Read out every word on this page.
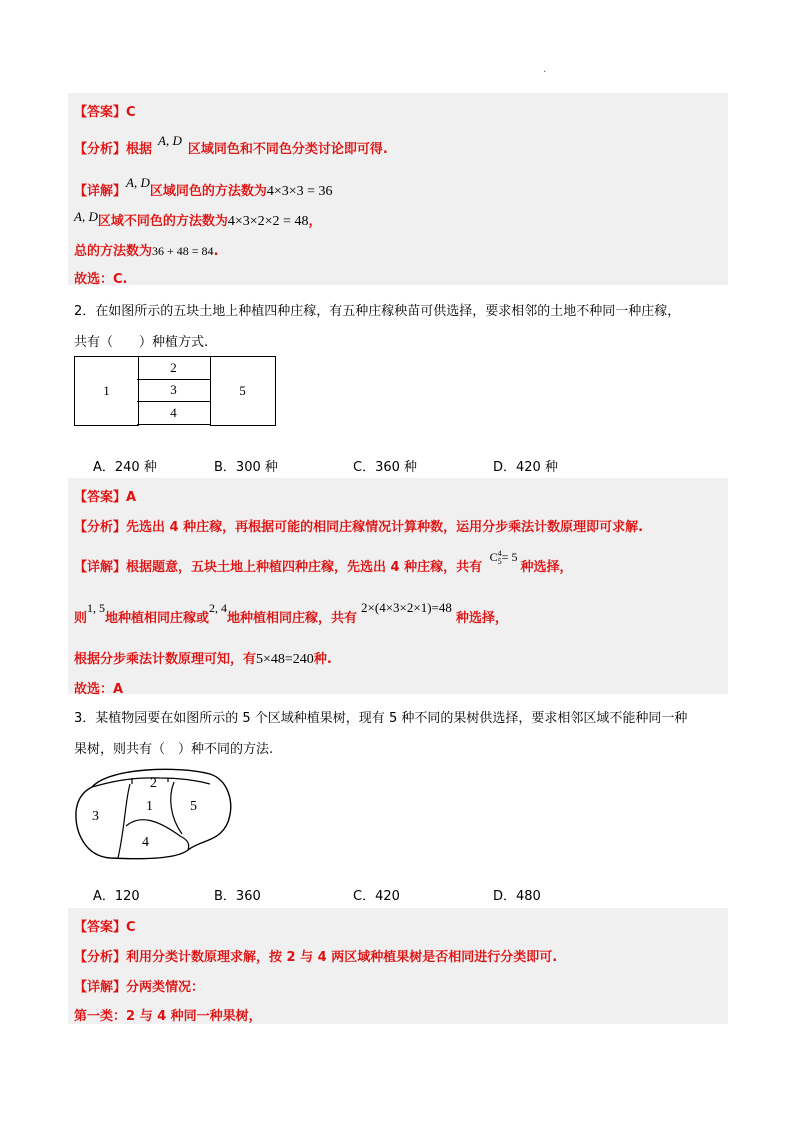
.
【答案】C
【分析】根据A, D区域同色和不同色分类讨论即可得.
【详解】A, D区域同色的方法数为4×3×3 = 36
A, D区域不同色的方法数为4×3×2×2 = 48，
总的方法数为36 + 48 = 84.
故选：C.
2．在如图所示的五块土地上种植四种庄稼，有五种庄稼秧苗可供选择，要求相邻的土地不种同一种庄稼，
共有（　　）种植方式.
1
2
3
4
5
A．240 种	B．300 种	C．360 种	D．420 种
【答案】A
【分析】先选出 4 种庄稼，再根据可能的相同庄稼情况计算种数，运用分步乘法计数原理即可求解.
【详解】根据题意，五块土地上种植四种庄稼，先选出 4 种庄稼，共有 C 4
5 = 5种选择，
则1, 5地种植相同庄稼或2, 4地种植相同庄稼，共有2×(4×3×2×1)=48种选择，
根据分步乘法计数原理可知，有5×48=240种.
故选：A
3．某植物园要在如图所示的 5 个区域种植果树，现有 5 种不同的果树供选择，要求相邻区域不能种同一种
果树，则共有（　）种不同的方法.
2
1	5
3
4
A．120	B．360	C．420	D．480
【答案】C
【分析】利用分类计数原理求解，按 2 与 4 两区域种植果树是否相同进行分类即可.
【详解】分两类情况：
第一类：2 与 4 种同一种果树，
